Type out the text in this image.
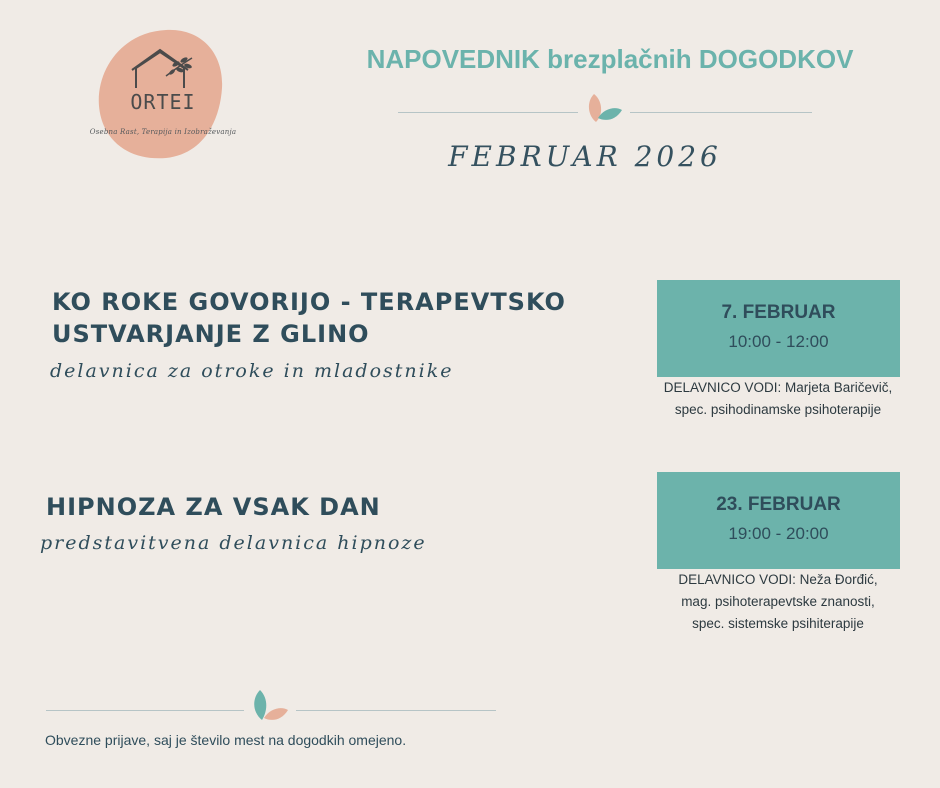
ORTEI
Osebna Rast, Terapija in Izobraževanja
NAPOVEDNIK brezplačnih DOGODKOV
FEBRUAR 2026
KO ROKE GOVORIJO - TERAPEVTSKO
USTVARJANJE Z GLINO
delavnica za otroke in mladostnike
7. FEBRUAR
10:00 - 12:00
DELAVNICO VODI: Marjeta Baričevič,
spec. psihodinamske psihoterapije
HIPNOZA ZA VSAK DAN
predstavitvena delavnica hipnoze
23. FEBRUAR
19:00 - 20:00
DELAVNICO VODI: Neža Đorđić,
mag. psihoterapevtske znanosti,
spec. sistemske psihiterapije
Obvezne prijave, saj je število mest na dogodkih omejeno.
